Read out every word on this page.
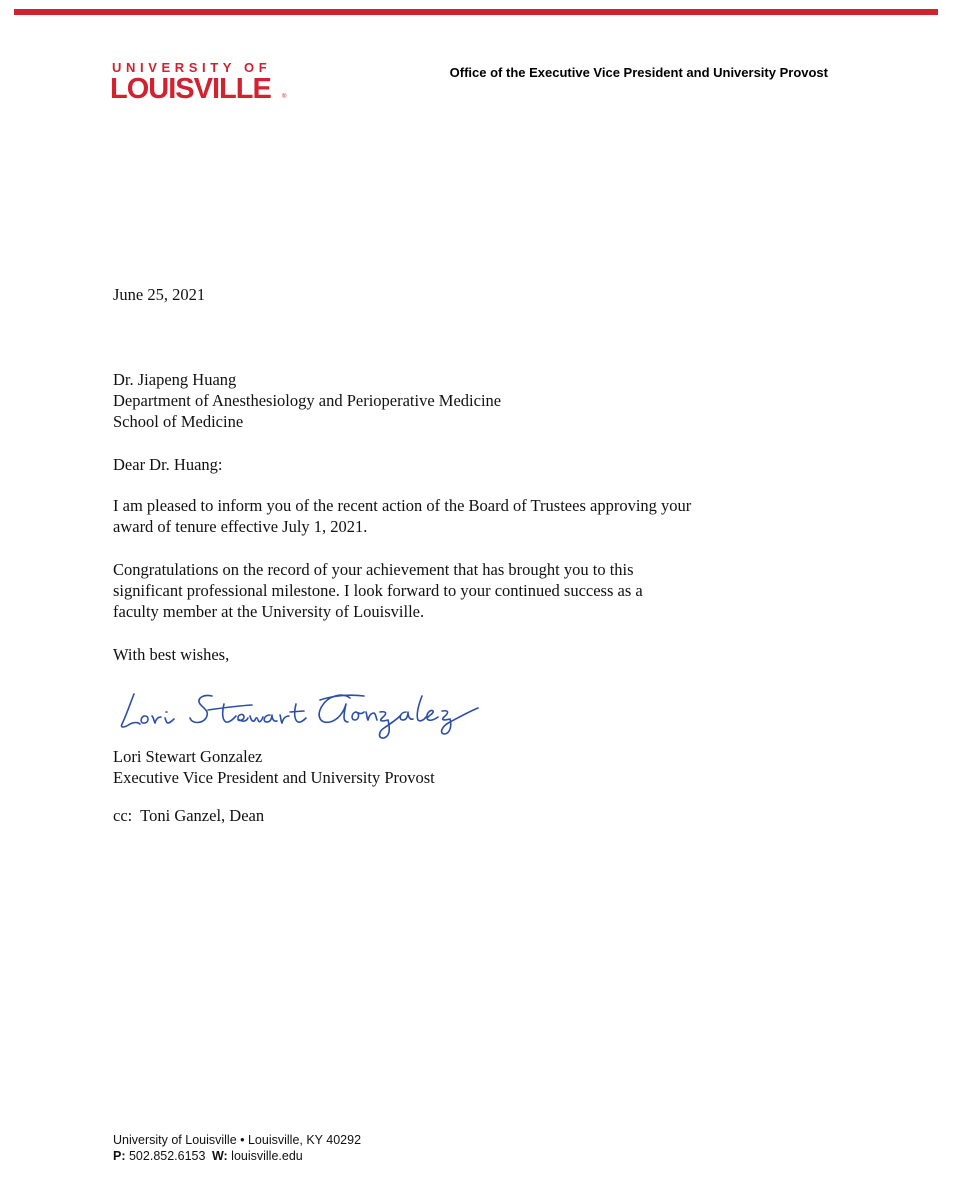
UNIVERSITY OF
LOUISVILLE ®
Office of the Executive Vice President and University Provost
June 25, 2021
Dr. Jiapeng Huang
Department of Anesthesiology and Perioperative Medicine
School of Medicine
Dear Dr. Huang:
I am pleased to inform you of the recent action of the Board of Trustees approving your
award of tenure effective July 1, 2021.
Congratulations on the record of your achievement that has brought you to this
significant professional milestone. I look forward to your continued success as a
faculty member at the University of Louisville.
With best wishes,
Lori Stewart Gonzalez
Executive Vice President and University Provost
cc:  Toni Ganzel, Dean
University of Louisville • Louisville, KY 40292
P: 502.852.6153 W: louisville.edu
